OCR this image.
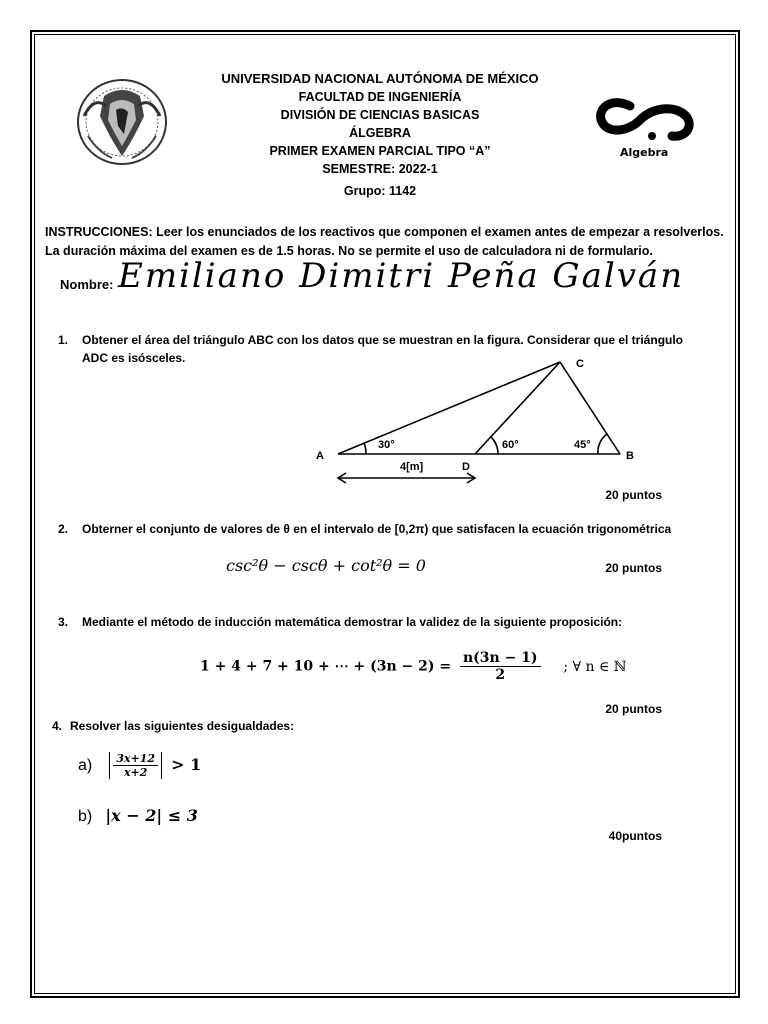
Algebra
UNIVERSIDAD NACIONAL AUTÓNOMA DE MÉXICO
FACULTAD DE INGENIERÍA
DIVISIÓN DE CIENCIAS BASICAS
ÁLGEBRA
PRIMER EXAMEN PARCIAL TIPO “A”
SEMESTRE: 2022-1
Grupo: 1142
INSTRUCCIONES: Leer los enunciados de los reactivos que componen el examen antes de empezar a resolverlos. La duración máxima del examen es de 1.5 horas. No se permite el uso de calculadora ni de formulario.
Nombre: Emiliano Dimitri Peña Galván
1. Obtener el área del triángulo ABC con los datos que se muestran en la figura. Considerar que el triángulo ADC es isósceles.
A	B
C
D
30°	60°	45°
4[m]
20 puntos
2. Obterner el conjunto de valores de θ en el intervalo de [0,2π) que satisfacen la ecuación trigonométrica
csc²θ − cscθ + cot²θ = 0	20 puntos
3. Mediante el método de inducción matemática demostrar la validez de la siguiente proposición:
1 + 4 + 7 + 10 + ⋯ + $(3n - 2) = \frac{n(3n - 1)}{2}$ ; ∀ n ∈ ℕ
20 puntos
4. Resolver las siguientes desigualdades:
$a) \frac{3x+12}{x+2} > 1$
b) |x − 2| ≤ 3
40puntos
